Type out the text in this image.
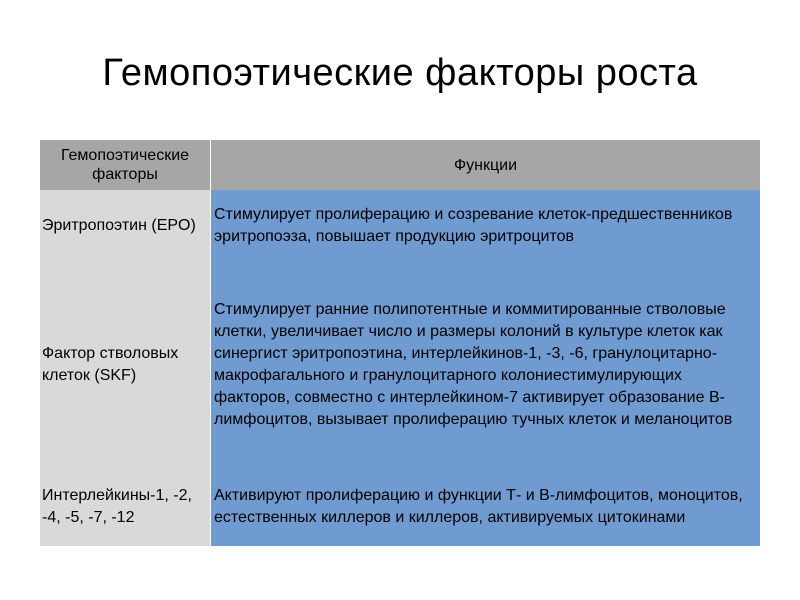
Гемопоэтические факторы роста
Гемопоэтические факторы	Функции
Эритропоэтин (EPO)	Стимулирует пролиферацию и созревание клеток-предшественников эритропоэза, повышает продукцию эритроцитов
Фактор стволовых клеток (SKF)	Стимулирует ранние полипотентные и коммитированные стволовые клетки, увеличивает число и размеры колоний в культуре клеток как синергист эритропоэтина, интерлейкинов-1, -3, -6, гранулоцитарно-макрофагального и гранулоцитарного колониестимулирующих факторов, совместно с интерлейкином-7 активирует образование В-лимфоцитов, вызывает пролиферацию тучных клеток и меланоцитов
Интерлейкины-1, -2, -4, -5, -7, -12	Активируют пролиферацию и функции Т- и В-лимфоцитов, моноцитов, естественных киллеров и киллеров, активируемых цитокинами
